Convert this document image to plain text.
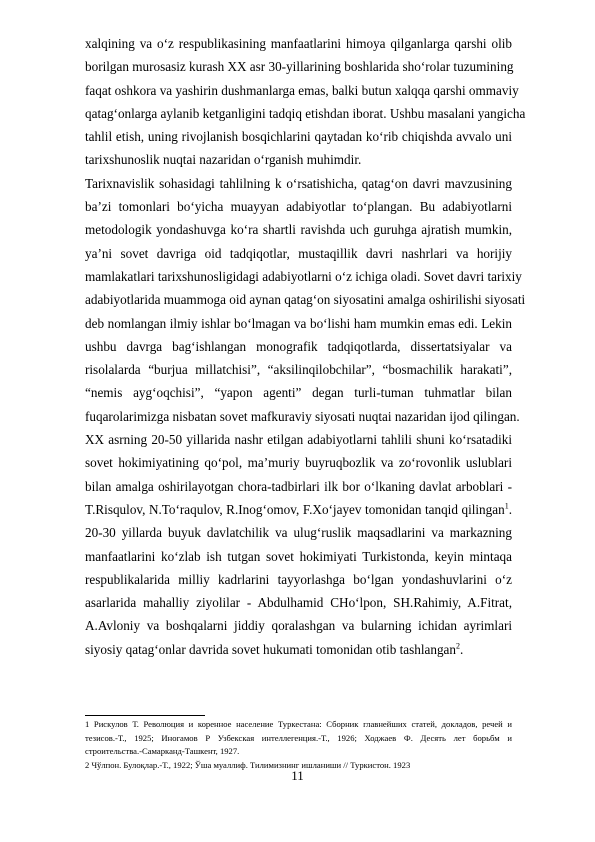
xalqining va o‘z respublikasining manfaatlarini himoya qilganlarga qarshi olib
borilgan murosasiz kurash XX asr 30-yillarining boshlarida sho‘rolar tuzumining
faqat oshkora va yashirin dushmanlarga emas, balki butun xalqqa qarshi ommaviy
qatag‘onlarga aylanib ketganligini tadqiq etishdan iborat. Ushbu masalani yangicha
tahlil etish, uning rivojlanish bosqichlarini qaytadan ko‘rib chiqishda avvalo uni
tarixshunoslik nuqtai nazaridan o‘rganish muhimdir.
Tarixnavislik sohasidagi tahlilning k o‘rsatishicha, qatag‘on davri mavzusining
ba’zi tomonlari bo‘yicha muayyan adabiyotlar to‘plangan. Bu adabiyotlarni
metodologik yondashuvga ko‘ra shartli ravishda uch guruhga ajratish mumkin,
ya’ni sovet davriga oid tadqiqotlar, mustaqillik davri nashrlari va horijiy
mamlakatlari tarixshunosligidagi adabiyotlarni o‘z ichiga oladi. Sovet davri tarixiy
adabiyotlarida muammoga oid aynan qatag‘on siyosatini amalga oshirilishi siyosati
deb nomlangan ilmiy ishlar bo‘lmagan va bo‘lishi ham mumkin emas edi. Lekin
ushbu davrga bag‘ishlangan monografik tadqiqotlarda, dissertatsiyalar va
risolalarda “burjua millatchisi”, “aksilinqilobchilar”, “bosmachilik harakati”,
“nemis ayg‘oqchisi”, “yapon agenti” degan turli-tuman tuhmatlar bilan
fuqarolarimizga nisbatan sovet mafkuraviy siyosati nuqtai nazaridan ijod qilingan.
XX asrning 20-50 yillarida nashr etilgan adabiyotlarni tahlili shuni ko‘rsatadiki
sovet hokimiyatining qo‘pol, ma’muriy buyruqbozlik va zo‘rovonlik uslublari
bilan amalga oshirilayotgan chora-tadbirlari ilk bor o‘lkaning davlat arboblari -
T.Risqulov, N.To‘raqulov, R.Inog‘omov, F.Xo‘jayev tomonidan tanqid qilingan$^1$.
20-30 yillarda buyuk davlatchilik va ulug‘ruslik maqsadlarini va markazning
manfaatlarini ko‘zlab ish tutgan sovet hokimiyati Turkistonda, keyin mintaqa
respublikalarida milliy kadrlarini tayyorlashga bo‘lgan yondashuvlarini o‘z
asarlarida mahalliy ziyolilar - Abdulhamid CHo‘lpon, SH.Rahimiy, A.Fitrat,
A.Avloniy va boshqalarni jiddiy qoralashgan va bularning ichidan ayrimlari
siyosiy qatag‘onlar davrida sovet hukumati tomonidan otib tashlangan$^2$.

1 Рискулов Т. Революция и коренное население Туркестана: Сборник главнейших статей, докладов, речей и
тезисов.-Т., 1925; Иногамов Р Узбекская интеллегенция.-Т., 1926; Ходжаев Ф. Десять лет борьбм и
строительства.-Самарканд-Ташкент, 1927.
2 Чўлпон. Булоқлар.-Т., 1922; Ўша муаллиф. Тилимизнинг ишланиши // Туркистон. 1923
11
